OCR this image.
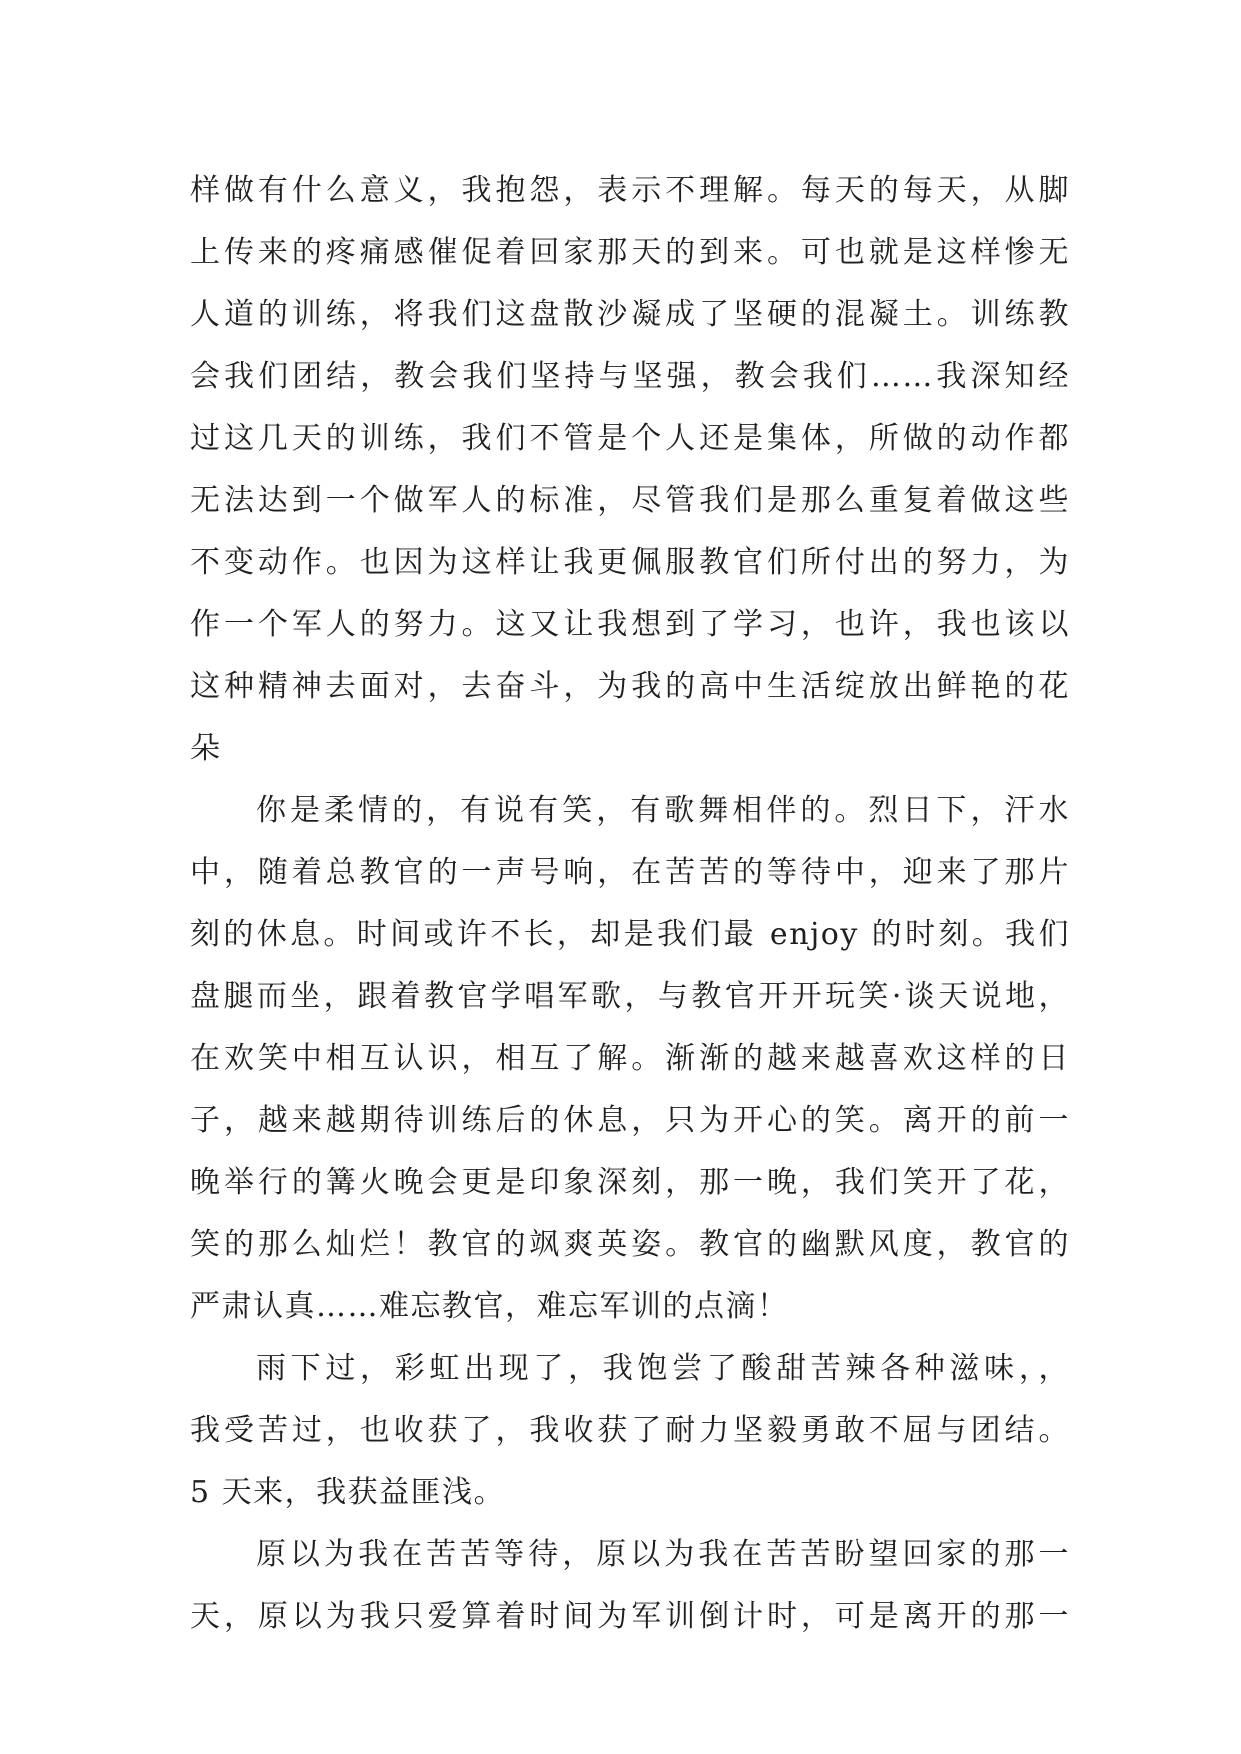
样做有什么意义，我抱怨，表示不理解。每天的每天，从脚
上传来的疼痛感催促着回家那天的到来。可也就是这样惨无
人道的训练，将我们这盘散沙凝成了坚硬的混凝土。训练教
会我们团结，教会我们坚持与坚强，教会我们……我深知经
过这几天的训练，我们不管是个人还是集体，所做的动作都
无法达到一个做军人的标准，尽管我们是那么重复着做这些
不变动作。也因为这样让我更佩服教官们所付出的努力，为
作一个军人的努力。这又让我想到了学习，也许，我也该以
这种精神去面对，去奋斗，为我的高中生活绽放出鲜艳的花
朵
你是柔情的，有说有笑，有歌舞相伴的。烈日下，汗水
中，随着总教官的一声号响，在苦苦的等待中，迎来了那片
刻的休息。时间或许不长，却是我们最 enjoy 的时刻。我们
盘腿而坐，跟着教官学唱军歌，与教官开开玩笑·谈天说地，
在欢笑中相互认识，相互了解。渐渐的越来越喜欢这样的日
子，越来越期待训练后的休息，只为开心的笑。离开的前一
晚举行的篝火晚会更是印象深刻，那一晚，我们笑开了花，
笑的那么灿烂！教官的飒爽英姿。教官的幽默风度，教官的
严肃认真……难忘教官，难忘军训的点滴！
雨下过，彩虹出现了，我饱尝了酸甜苦辣各种滋味，，
我受苦过，也收获了，我收获了耐力坚毅勇敢不屈与团结。
5 天来，我获益匪浅。
原以为我在苦苦等待，原以为我在苦苦盼望回家的那一
天，原以为我只爱算着时间为军训倒计时，可是离开的那一
